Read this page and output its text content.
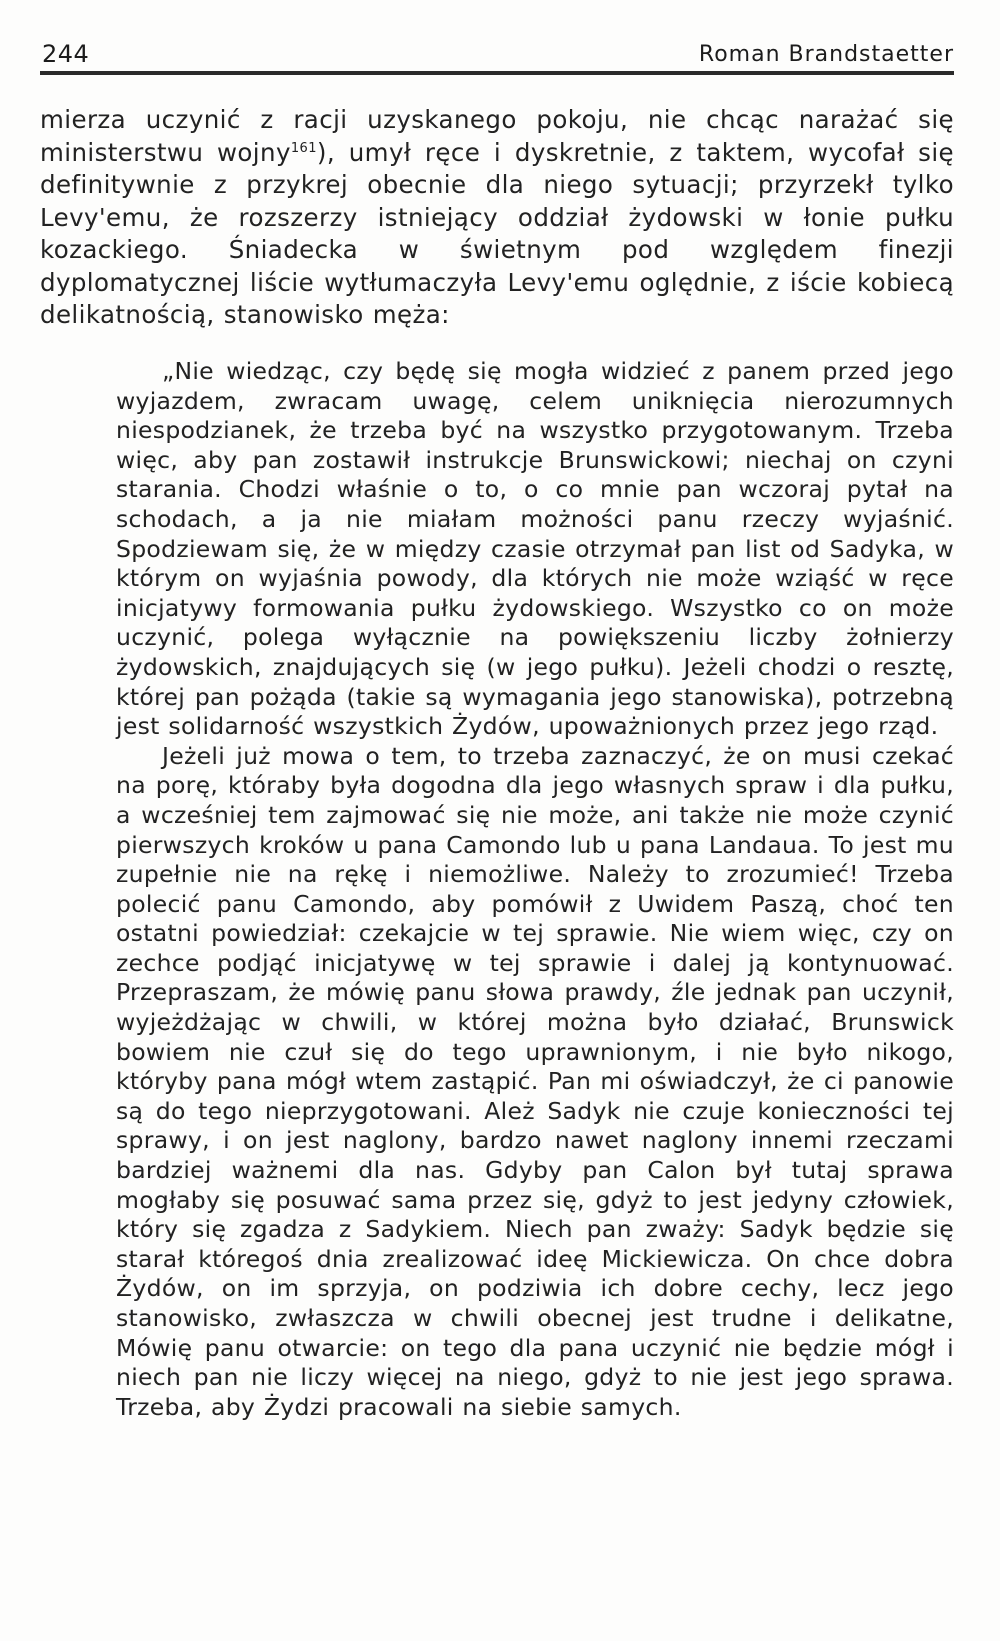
244	Roman Brandstaetter

mierza uczynić z racji uzyskanego pokoju, nie chcąc narażać się ministerstwu wojny$^{161}$), umył ręce i dyskretnie, z taktem, wycofał się definitywnie z przykrej obecnie dla niego sytuacji; przyrzekł tylko Levy'emu, że rozszerzy istniejący oddział żydowski w łonie pułku kozackiego. Śniadecka w świetnym pod względem finezji dyplomatycznej liście wytłumaczyła Levy'emu oględnie, z iście kobiecą delikatnością, stanowisko męża:

„Nie wiedząc, czy będę się mogła widzieć z panem przed jego wyjazdem, zwracam uwagę, celem uniknięcia nierozumnych niespodzianek, że trzeba być na wszystko przygotowanym. Trzeba więc, aby pan zostawił instrukcje Brunswickowi; niechaj on czyni starania. Chodzi właśnie o to, o co mnie pan wczoraj pytał na schodach, a ja nie miałam możności panu rzeczy wyjaśnić. Spodziewam się, że w między czasie otrzymał pan list od Sadyka, w którym on wyjaśnia powody, dla których nie może wziąść w ręce inicjatywy formowania pułku żydowskiego. Wszystko co on może uczynić, polega wyłącznie na powiększeniu liczby żołnierzy żydowskich, znajdujących się (w jego pułku). Jeżeli chodzi o resztę, której pan pożąda (takie są wymagania jego stanowiska), potrzebną jest solidarność wszystkich Żydów, upoważnionych przez jego rząd.

Jeżeli już mowa o tem, to trzeba zaznaczyć, że on musi czekać na porę, którаby była dogodna dla jego własnych spraw i dla pułku, a wcześniej tem zajmować się nie może, ani także nie może czynić pierwszych kroków u pana Camondo lub u pana Landaua. To jest mu zupełnie nie na rękę i niemożliwe. Należy to zrozumieć! Trzeba polecić panu Camondo, aby pomówił z Uwidem Paszą, choć ten ostatni powiedział: czekajcie w tej sprawie. Nie wiem więc, czy on zechce podjąć inicjatywę w tej sprawie i dalej ją kontynuować. Przepraszam, że mówię panu słowa prawdy, źle jednak pan uczynił, wyjeżdżając w chwili, w której można było działać, Brunswick bowiem nie czuł się do tego uprawnionym, i nie było nikogo, którуby pana mógł wtem zastąpić. Pan mi oświadczył, że ci panowie są do tego nieprzygotowani. Ależ Sadyk nie czuje konieczności tej sprawy, i on jest naglony, bardzo nawet naglony innemi rzeczami bardziej ważnemi dla nas. Gdyby pan Calon był tutaj sprawa mogłaby się posuwać sama przez się, gdyż to jest jedyny człowiek, który się zgadza z Sadykiem. Niech pan zważy: Sadyk będzie się starał któregoś dnia zrealizować ideę Mickiewicza. On chce dobra Żydów, on im sprzyja, on podziwia ich dobre cechy, lecz jego stanowisko, zwłaszcza w chwili obecnej jest trudne i delikatne, Mówię panu otwarcie: on tego dla pana uczynić nie będzie mógł i niech pan nie liczy więcej na niego, gdyż to nie jest jego sprawa. Trzeba, aby Żydzi pracowali na siebie samych.
